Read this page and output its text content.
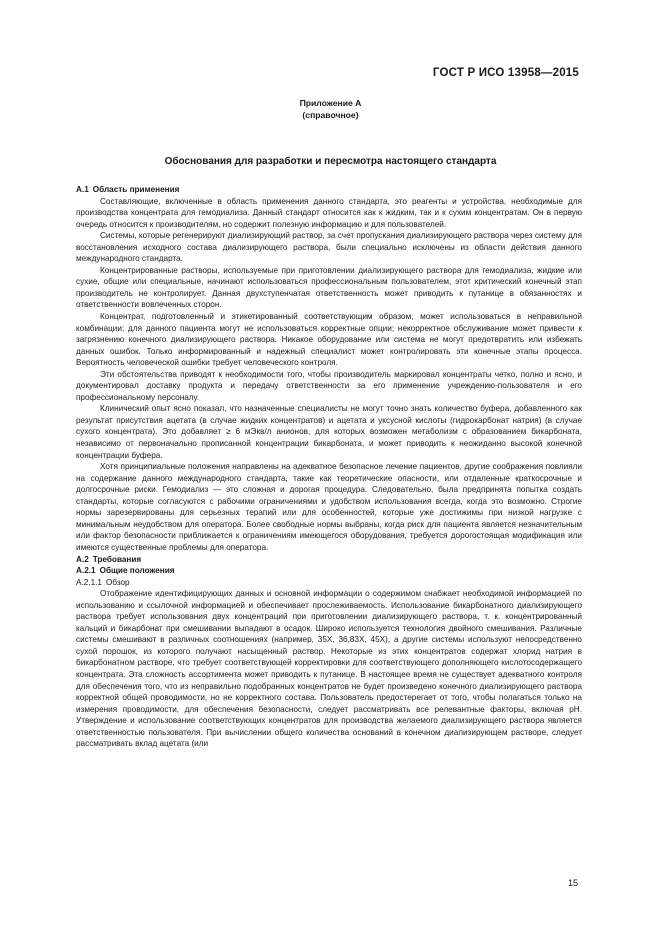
ГОСТ Р ИСО 13958—2015
Приложение А
(справочное)
Обоснования для разработки и пересмотра настоящего стандарта
А.1 Область применения

Составляющие, включенные в область применения данного стандарта, это реагенты и устройства, необходимые для производства концентрата для гемодиализа. Данный стандарт относится как к жидким, так и к сухим концентратам. Он в первую очередь относится к производителям, но содержит полезную информацию и для пользователей.

Системы, которые регенерируют диализирующий раствор, за счет пропускания диализирующего раствора через систему для восстановления исходного состава диализирующего раствора, были специально исключены из области действия данного международного стандарта.

Концентрированные растворы, используемые при приготовлении диализирующего раствора для гемодиализа, жидкие или сухие, общие или специальные, начинают использоваться профессиональным пользователем, этот критический конечный этап производитель не контролирует. Данная двухступенчатая ответственность может приводить к путанице в обязанностях и ответственности вовлеченных сторон.

Концентрат, подготовленный и этикетированный соответствующим образом, может использоваться в неправильной комбинации; для данного пациента могут не использоваться корректные опции; некорректное обслуживание может привести к загрязнению конечного диализирующего раствора. Никакое оборудование или система не могут предотвратить или избежать данных ошибок. Только информированный и надежный специалист может контролировать эти конечные этапы процесса. Вероятность человеческой ошибки требует человеческого контроля.

Эти обстоятельства приводят к необходимости того, чтобы производитель маркировал концентраты четко, полно и ясно, и документировал доставку продукта и передачу ответственности за его применение учреждению-пользователя и его профессиональному персоналу.

Клинический опыт ясно показал, что назначенные специалисты не могут точно знать количество буфера, добавленного как результат присутствия ацетата (в случае жидких концентратов) и ацетата и уксусной кислоты (гидрокарбонат натрия) (в случае сухого концентрата). Это добавляет ≥ 6 мЭкв/л анионов, для которых возможен метаболизм с образованием бикарбоната, независимо от первоначально прописанной концентрации бикарбоната, и может приводить к неожиданно высокой конечной концентрации буфера.

Хотя принципиальные положения направлены на адекватное безопасное лечение пациентов, другие соображения повлияли на содержание данного международного стандарта, такие как теоретические опасности, или отдаленные краткосрочные и долгосрочные риски. Гемодиализ — это сложная и дорогая процедура. Следовательно, была предпринята попытка создать стандарты, которые согласуются с рабочими ограничениями и удобством использования всегда, когда это возможно. Строгие нормы зарезервированы для серьезных терапий или для особенностей, которые уже достижимы при низкой нагрузке с минимальным неудобством для оператора. Более свободные нормы выбраны, когда риск для пациента является незначительным или фактор безопасности приближается к ограничениям имеющегося оборудования, требуется дорогостоящая модификация или имеются существенные проблемы для оператора.

А.2 Требования
А.2.1 Общие положения
А.2.1.1 Обзор

Отображение идентифицирующих данных и основной информации о содержимом снабжает необходимой информацией по использованию и ссылочной информацией и обеспечивает прослеживаемость. Использование бикарбонатного диализирующего раствора требует использования двух концентраций при приготовлении диализирующего раствора, т. к. концентрированный кальций и бикарбонат при смешивании выпадают в осадок. Широко используется технология двойного смешивания. Различные системы смешивают в различных соотношениях (например, 35X, 36,83X, 45X), а другие системы используют непосредственно сухой порошок, из которого получают насыщенный раствор. Некоторые из этих концентратов содержат хлорид натрия в бикарбонатном растворе, что требует соответствующей корректировки для соответствующего дополняющего кислотосодержащего концентрата. Эта сложность ассортимента может приводить к путанице. В настоящее время не существует адекватного контроля для обеспечения того, что из неправильно подобранных концентратов не будет произведено конечного диализирующего раствора корректной общей проводимости, но не корректного состава. Пользователь предостерегает от того, чтобы полагаться только на измерения проводимости, для обеспечения безопасности, следует рассматривать все релевантные факторы, включая pH. Утверждение и использование соответствующих концентратов для производства желаемого диализирующего раствора является ответственностью пользователя. При вычислении общего количества оснований в конечном диализирующем растворе, следует рассматривать вклад ацетата (или

15
